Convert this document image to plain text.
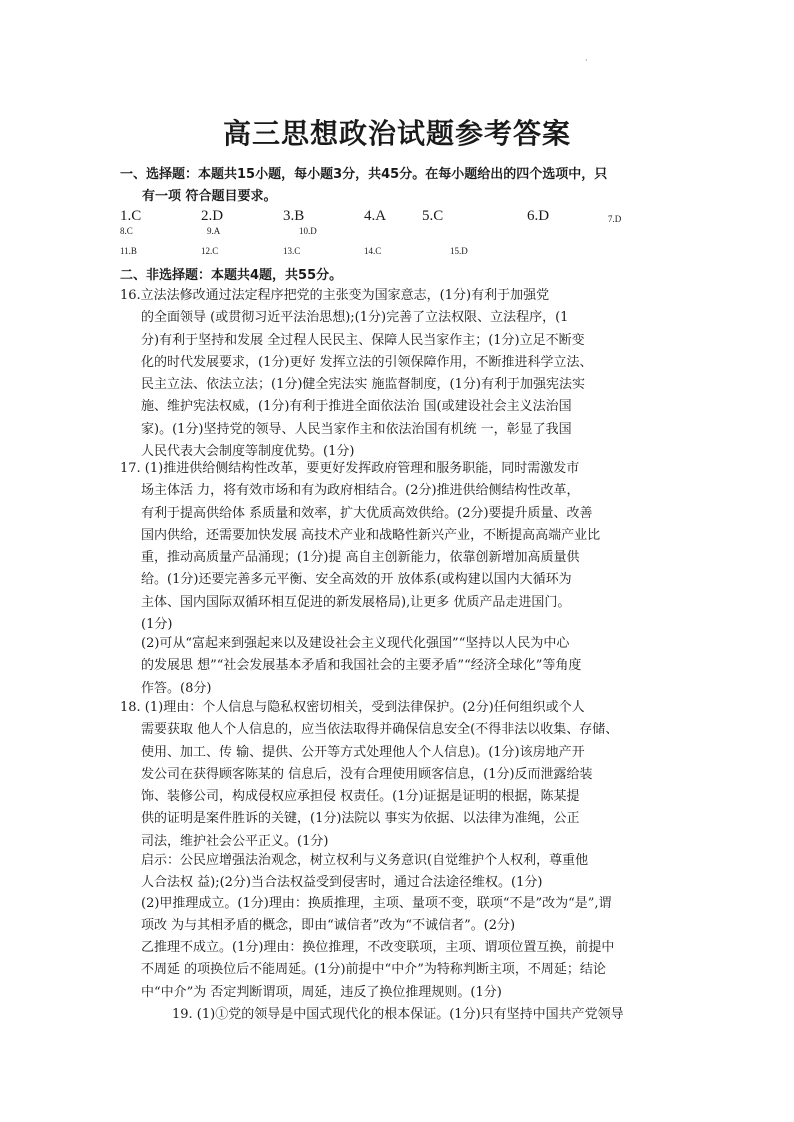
·
高三思想政治试题参考答案
一、选择题：本题共15小题，每小题3分，共45分。在每小题给出的四个选项中，只
有一项 符合题目要求。
1.C	2.D	3.B	4.A 5.C	6.D	7.D
8.C	9.A	10.D
11.B	12.C	13.C	14.C	15.D
二、非选择题：本题共4题，共55分。

16.立法法修改通过法定程序把党的主张变为国家意志，(1分)有利于加强党

的全面领导 (或贯彻习近平法治思想);(1分)完善了立法权限、立法程序，(1

分)有利于坚持和发展 全过程人民民主、保障人民当家作主；(1分)立足不断变

化的时代发展要求，(1分)更好 发挥立法的引领保障作用，不断推进科学立法、

民主立法、依法立法；(1分)健全宪法实 施监督制度，(1分)有利于加强宪法实

施、维护宪法权威，(1分)有利于推进全面依法治 国(或建设社会主义法治国

家)。(1分)坚持党的领导、人民当家作主和依法治国有机统 一，彰显了我国

人民代表大会制度等制度优势。(1分)

17. (1)推进供给侧结构性改革，要更好发挥政府管理和服务职能，同时需激发市

场主体活 力，将有效市场和有为政府相结合。(2分)推进供给侧结构性改革，

有利于提高供给体 系质量和效率，扩大优质高效供给。(2分)要提升质量、改善

国内供给，还需要加快发展 高技术产业和战略性新兴产业，不断提高高端产业比

重，推动高质量产品涌现；(1分)提 高自主创新能力，依靠创新增加高质量供

给。(1分)还要完善多元平衡、安全高效的开 放体系(或构建以国内大循环为

主体、国内国际双循环相互促进的新发展格局),让更多 优质产品走进国门。

(1分)

(2)可从“富起来到强起来以及建设社会主义现代化强国”“坚持以人民为中心

的发展思 想”“社会发展基本矛盾和我国社会的主要矛盾”“经济全球化”等角度

作答。(8分)

18. (1)理由：个人信息与隐私权密切相关，受到法律保护。(2分)任何组织或个人

需要获取 他人个人信息的，应当依法取得并确保信息安全(不得非法以收集、存储、

使用、加工、传 输、提供、公开等方式处理他人个人信息)。(1分)该房地产开

发公司在获得顾客陈某的 信息后，没有合理使用顾客信息，(1分)反而泄露给装

饰、装修公司，构成侵权应承担侵 权责任。(1分)证据是证明的根据，陈某提

供的证明是案件胜诉的关键，(1分)法院以 事实为依据、以法律为准绳，公正

司法，维护社会公平正义。(1分)

启示：公民应增强法治观念，树立权利与义务意识(自觉维护个人权利，尊重他

人合法权 益);(2分)当合法权益受到侵害时，通过合法途径维权。(1分)

(2)甲推理成立。(1分)理由：换质推理，主项、量项不变，联项“不是”改为“是”,谓

项改 为与其相矛盾的概念，即由“诚信者”改为“不诚信者”。(2分)

乙推理不成立。(1分)理由：换位推理，不改变联项，主项、谓项位置互换，前提中

不周延 的项换位后不能周延。(1分)前提中“中介”为特称判断主项，不周延；结论

中“中介”为 否定判断谓项，周延，违反了换位推理规则。(1分)

19. (1)①党的领导是中国式现代化的根本保证。(1分)只有坚持中国共产党领导
